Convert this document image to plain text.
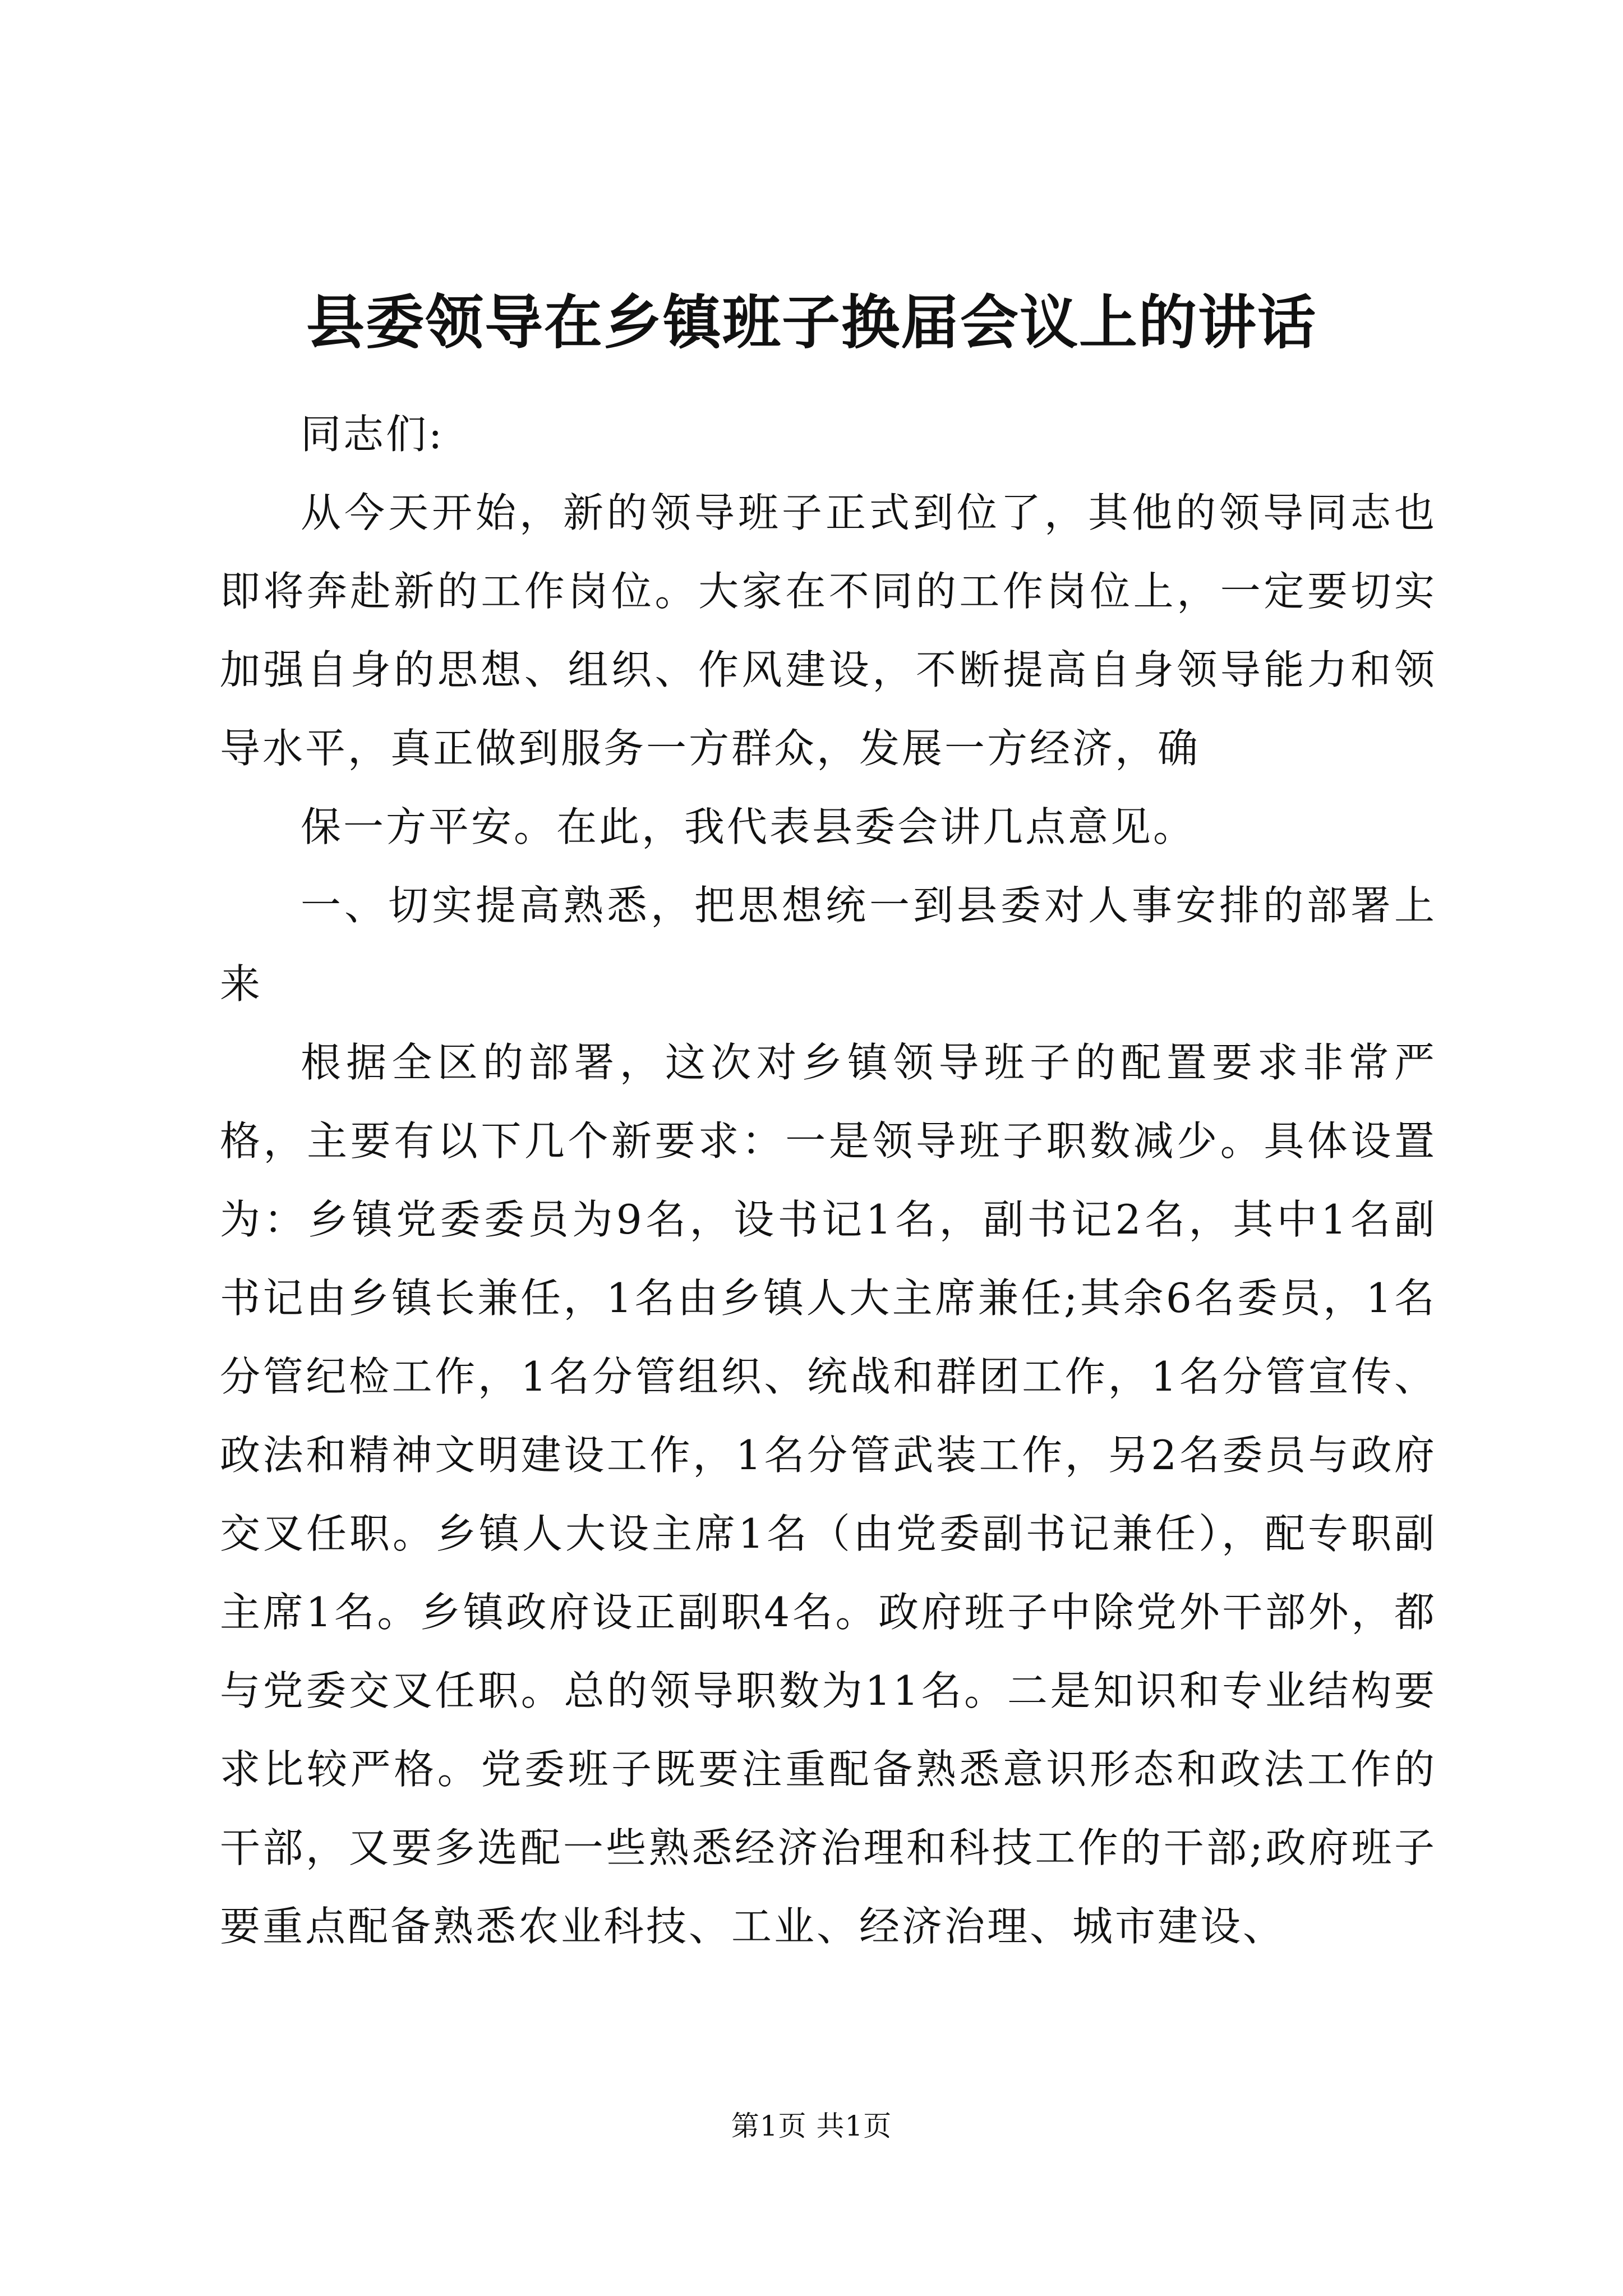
县委领导在乡镇班子换届会议上的讲话

同志们:

从今天开始，新的领导班子正式到位了，其他的领导同志也即将奔赴新的工作岗位。大家在不同的工作岗位上，一定要切实加强自身的思想、组织、作风建设，不断提高自身领导能力和领导水平，真正做到服务一方群众，发展一方经济，确

保一方平安。在此，我代表县委会讲几点意见。

一、切实提高熟悉，把思想统一到县委对人事安排的部署上来

根据全区的部署，这次对乡镇领导班子的配置要求非常严格，主要有以下几个新要求：一是领导班子职数减少。具体设置为：乡镇党委委员为9名，设书记1名，副书记2名，其中1名副书记由乡镇长兼任，1名由乡镇人大主席兼任;其余6名委员，1名分管纪检工作，1名分管组织、统战和群团工作，1名分管宣传、政法和精神文明建设工作，1名分管武装工作，另2名委员与政府交叉任职。乡镇人大设主席1名（由党委副书记兼任），配专职副主席1名。乡镇政府设正副职4名。政府班子中除党外干部外，都与党委交叉任职。总的领导职数为11名。二是知识和专业结构要求比较严格。党委班子既要注重配备熟悉意识形态和政法工作的干部，又要多选配一些熟悉经济治理和科技工作的干部;政府班子要重点配备熟悉农业科技、工业、经济治理、城市建设、

第1页 共1页
